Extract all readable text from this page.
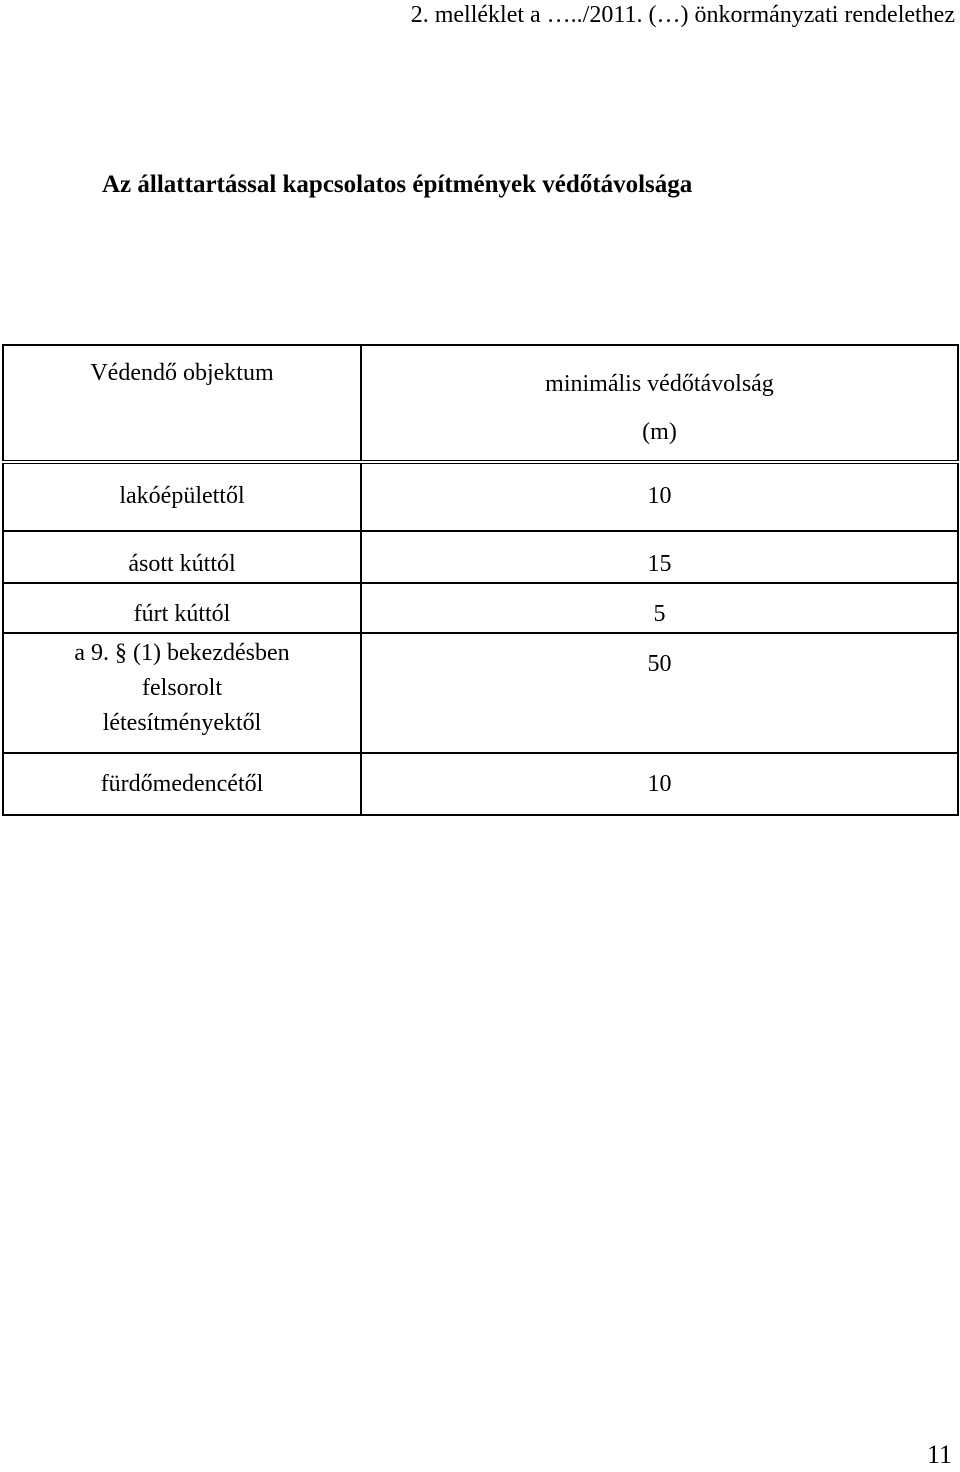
2. melléklet a …../2011. (…) önkormányzati rendelethez
Az állattartással kapcsolatos építmények védőtávolsága
Védendő objektum	minimális védőtávolság
(m)

lakóépülettől	10
ásott kúttól	15
fúrt kúttól	5

a 9. § (1) bekezdésben
felsorolt
létesítményektől	50
fürdőmedencétől	10
11
